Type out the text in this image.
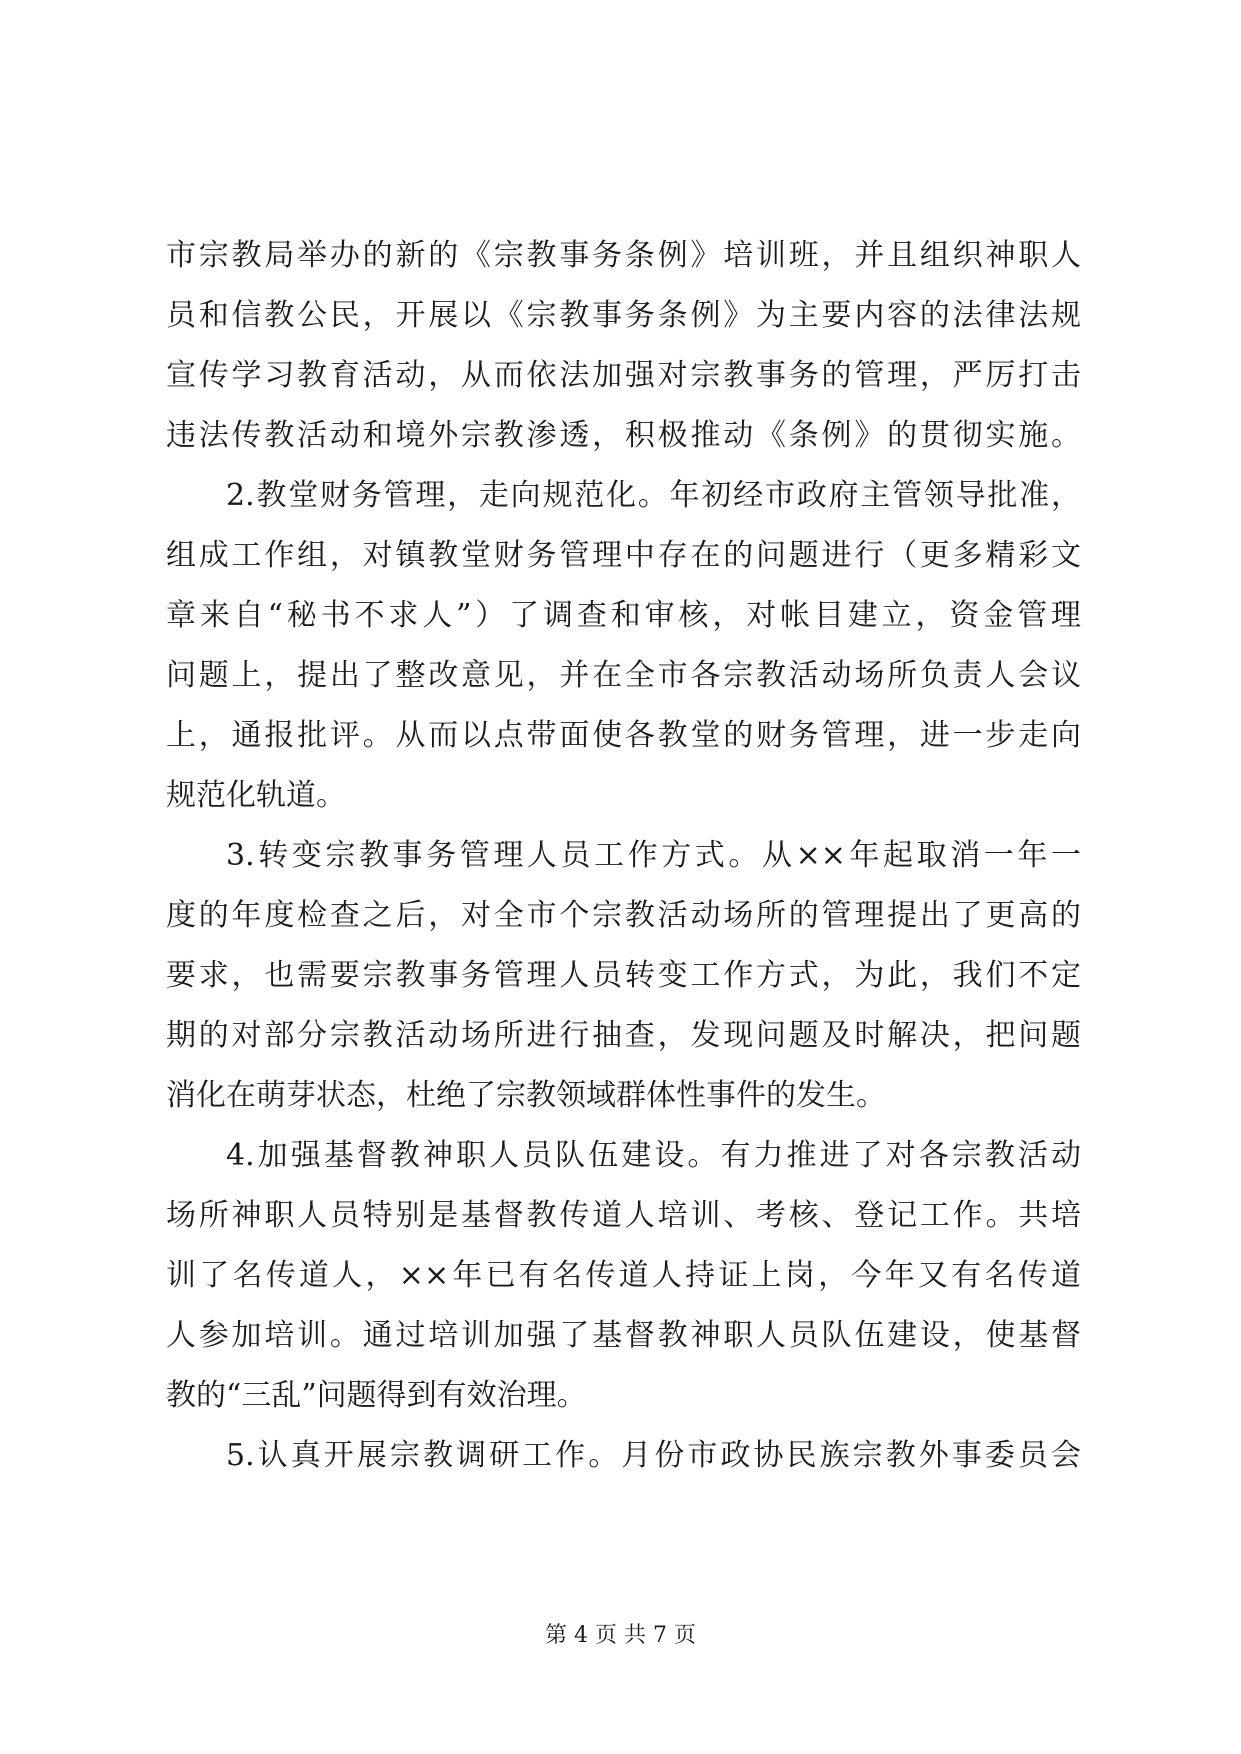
市宗教局举办的新的《宗教事务条例》培训班，并且组织神职人
员和信教公民，开展以《宗教事务条例》为主要内容的法律法规
宣传学习教育活动，从而依法加强对宗教事务的管理，严厉打击
违法传教活动和境外宗教渗透，积极推动《条例》的贯彻实施。
2.教堂财务管理，走向规范化。年初经市政府主管领导批准，
组成工作组，对镇教堂财务管理中存在的问题进行（更多精彩文
章来自“秘书不求人”）了调查和审核，对帐目建立，资金管理
问题上，提出了整改意见，并在全市各宗教活动场所负责人会议
上，通报批评。从而以点带面使各教堂的财务管理，进一步走向
规范化轨道。
3.转变宗教事务管理人员工作方式。从××年起取消一年一
度的年度检查之后，对全市个宗教活动场所的管理提出了更高的
要求，也需要宗教事务管理人员转变工作方式，为此，我们不定
期的对部分宗教活动场所进行抽查，发现问题及时解决，把问题
消化在萌芽状态，杜绝了宗教领域群体性事件的发生。
4.加强基督教神职人员队伍建设。有力推进了对各宗教活动
场所神职人员特别是基督教传道人培训、考核、登记工作。共培
训了名传道人，××年已有名传道人持证上岗，今年又有名传道
人参加培训。通过培训加强了基督教神职人员队伍建设，使基督
教的“三乱”问题得到有效治理。
5.认真开展宗教调研工作。月份市政协民族宗教外事委员会
第 4 页 共 7 页
